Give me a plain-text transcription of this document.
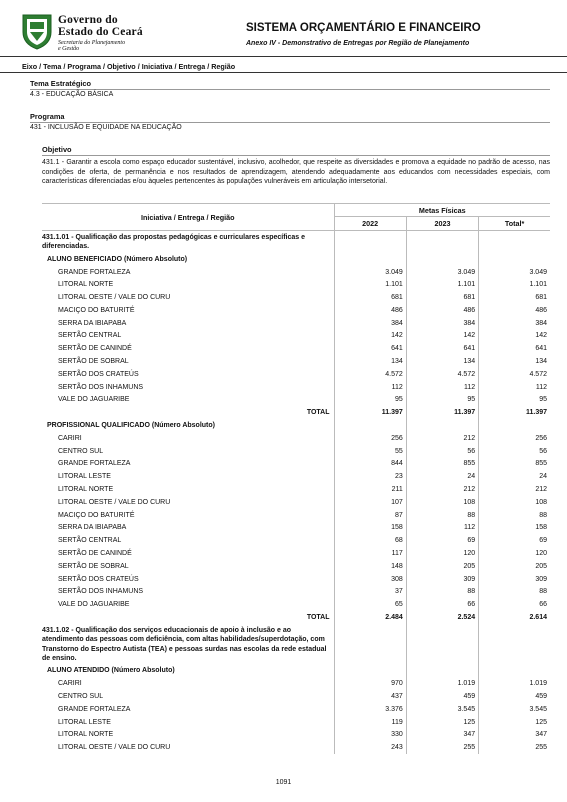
Governo do
Estado do Ceará
Secretaria do Planejamento
e Gestão
SISTEMA ORÇAMENTÁRIO E FINANCEIRO
Anexo IV - Demonstrativo de Entregas por Região de Planejamento
Eixo / Tema / Programa / Objetivo / Iniciativa / Entrega / Região
Tema Estratégico
4.3 - EDUCAÇÃO BÁSICA
Programa
431 - INCLUSÃO E EQUIDADE NA EDUCAÇÃO
Objetivo
431.1 - Garantir a escola como espaço educador sustentável, inclusivo, acolhedor, que respeite as diversidades e promova a equidade no padrão de acesso, nas condições de oferta, de permanência e nos resultados de aprendizagem, atendendo adequadamente aos educandos com necessidades especiais, com características diferenciadas e/ou àqueles pertencentes às populações vulneráveis em articulação intersetorial.
Iniciativa / Entrega / Região	Metas Físicas		
	2022	2023	Total*
431.1.01 - Qualificação das propostas pedagógicas e curriculares específicas e diferenciadas.			
ALUNO BENEFICIADO (Número Absoluto)			
GRANDE FORTALEZA	3.049	3.049	3.049
LITORAL NORTE	1.101	1.101	1.101
LITORAL OESTE / VALE DO CURU	681	681	681
MACIÇO DO BATURITÉ	486	486	486
SERRA DA IBIAPABA	384	384	384
SERTÃO CENTRAL	142	142	142
SERTÃO DE CANINDÉ	641	641	641
SERTÃO DE SOBRAL	134	134	134
SERTÃO DOS CRATEÚS	4.572	4.572	4.572
SERTÃO DOS INHAMUNS	112	112	112
VALE DO JAGUARIBE	95	95	95
TOTAL	11.397	11.397	11.397
PROFISSIONAL QUALIFICADO (Número Absoluto)			
CARIRI	256	212	256
CENTRO SUL	55	56	56
GRANDE FORTALEZA	844	855	855
LITORAL LESTE	23	24	24
LITORAL NORTE	211	212	212
LITORAL OESTE / VALE DO CURU	107	108	108
MACIÇO DO BATURITÉ	87	88	88
SERRA DA IBIAPABA	158	112	158
SERTÃO CENTRAL	68	69	69
SERTÃO DE CANINDÉ	117	120	120
SERTÃO DE SOBRAL	148	205	205
SERTÃO DOS CRATEÚS	308	309	309
SERTÃO DOS INHAMUNS	37	88	88
VALE DO JAGUARIBE	65	66	66
TOTAL	2.484	2.524	2.614
431.1.02 - Qualificação dos serviços educacionais de apoio à inclusão e ao atendimento das pessoas com deficiência, com altas habilidades/superdotação, com Transtorno do Espectro Autista (TEA) e pessoas surdas nas escolas da rede estadual de ensino.			
ALUNO ATENDIDO (Número Absoluto)			
CARIRI	970	1.019	1.019
CENTRO SUL	437	459	459
GRANDE FORTALEZA	3.376	3.545	3.545
LITORAL LESTE	119	125	125
LITORAL NORTE	330	347	347
LITORAL OESTE / VALE DO CURU	243	255	255
1091
